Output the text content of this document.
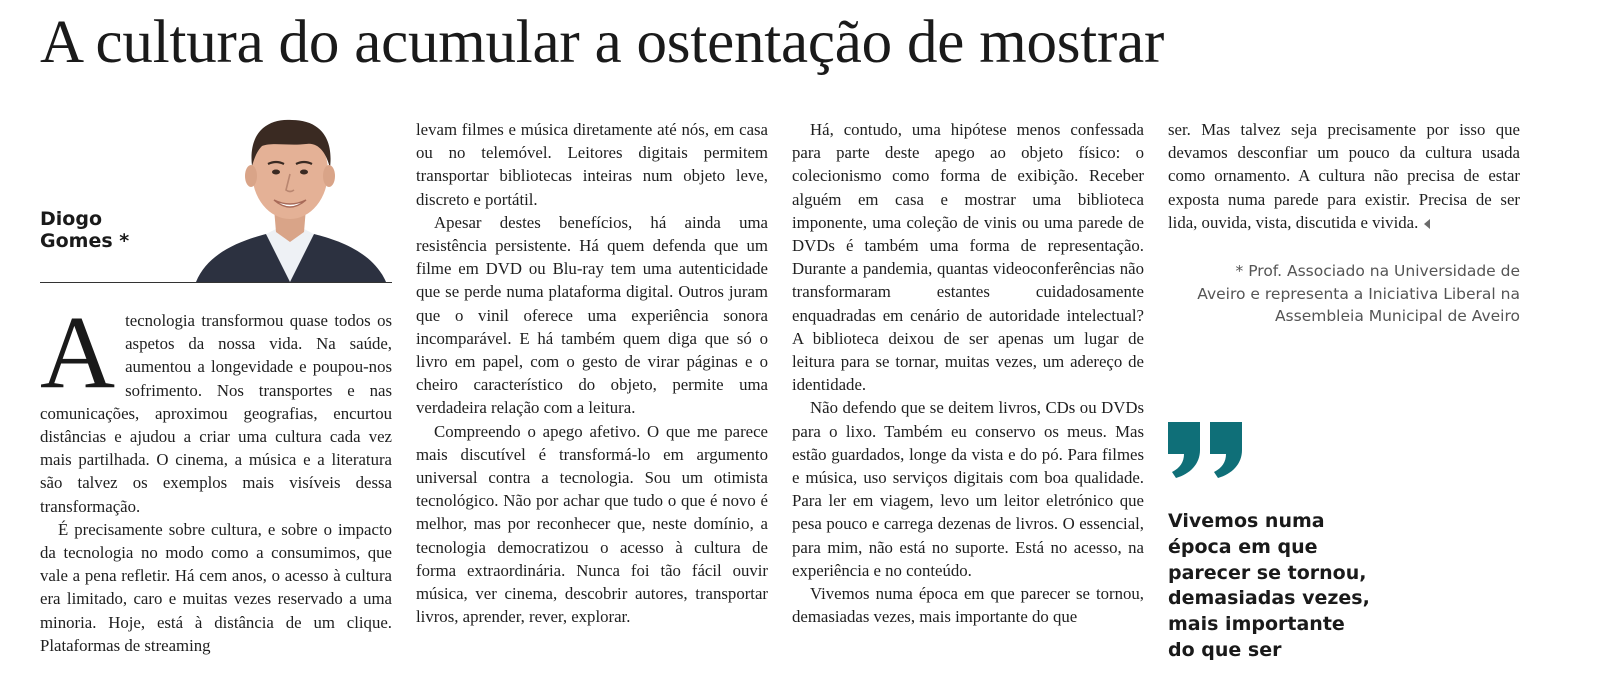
A cultura do acumular a ostentação de mostrar
Diogo
Gomes *

Atecnologia transformou quase todos os aspetos da nossa vida. Na saúde, aumentou a longevidade e poupou-nos sofrimento. Nos transportes e nas comunicações, aproximou geografias, encurtou distâncias e ajudou a criar uma cultura cada vez mais partilhada. O cinema, a música e a literatura são talvez os exemplos mais visíveis dessa transformação.

É precisamente sobre cultura, e sobre o impacto da tecnologia no modo como a consumimos, que vale a pena refletir. Há cem anos, o acesso à cultura era limitado, caro e muitas vezes reservado a uma minoria. Hoje, está à distância de um clique. Plataformas de streaming

levam filmes e música diretamente até nós, em casa ou no telemóvel. Leitores digitais permitem transportar bibliotecas inteiras num objeto leve, discreto e portátil.

Apesar destes benefícios, há ainda uma resistência persistente. Há quem defenda que um filme em DVD ou Blu-ray tem uma autenticidade que se perde numa plataforma digital. Outros juram que o vinil oferece uma experiência sonora incomparável. E há também quem diga que só o livro em papel, com o gesto de virar páginas e o cheiro característico do objeto, permite uma verdadeira relação com a leitura.

Compreendo o apego afetivo. O que me parece mais discutível é transformá-lo em argumento universal contra a tecnologia. Sou um otimista tecnológico. Não por achar que tudo o que é novo é melhor, mas por reconhecer que, neste domínio, a tecnologia democratizou o acesso à cultura de forma extraordinária. Nunca foi tão fácil ouvir música, ver cinema, descobrir autores, transportar livros, aprender, rever, explorar.

Há, contudo, uma hipótese menos confessada para parte deste apego ao objeto físico: o colecionismo como forma de exibição. Receber alguém em casa e mostrar uma biblioteca imponente, uma coleção de vinis ou uma parede de DVDs é também uma forma de representação. Durante a pandemia, quantas videoconferências não transformaram estantes cuidadosamente enquadradas em cenário de autoridade intelectual? A biblioteca deixou de ser apenas um lugar de leitura para se tornar, muitas vezes, um adereço de identidade.

Não defendo que se deitem livros, CDs ou DVDs para o lixo. Também eu conservo os meus. Mas estão guardados, longe da vista e do pó. Para filmes e música, uso serviços digitais com boa qualidade. Para ler em viagem, levo um leitor eletrónico que pesa pouco e carrega dezenas de livros. O essencial, para mim, não está no suporte. Está no acesso, na experiência e no conteúdo.

Vivemos numa época em que parecer se tornou, demasiadas vezes, mais importante do que

ser. Mas talvez seja precisamente por isso que devamos desconfiar um pouco da cultura usada como ornamento. A cultura não precisa de estar exposta numa parede para existir. Precisa de ser lida, ouvida, vista, discutida e vivida.

* Prof. Associado na Universidade de
Aveiro e representa a Iniciativa Liberal na
Assembleia Municipal de Aveiro
Vivemos numa
época em que
parecer se tornou,
demasiadas vezes,
mais importante
do que ser
